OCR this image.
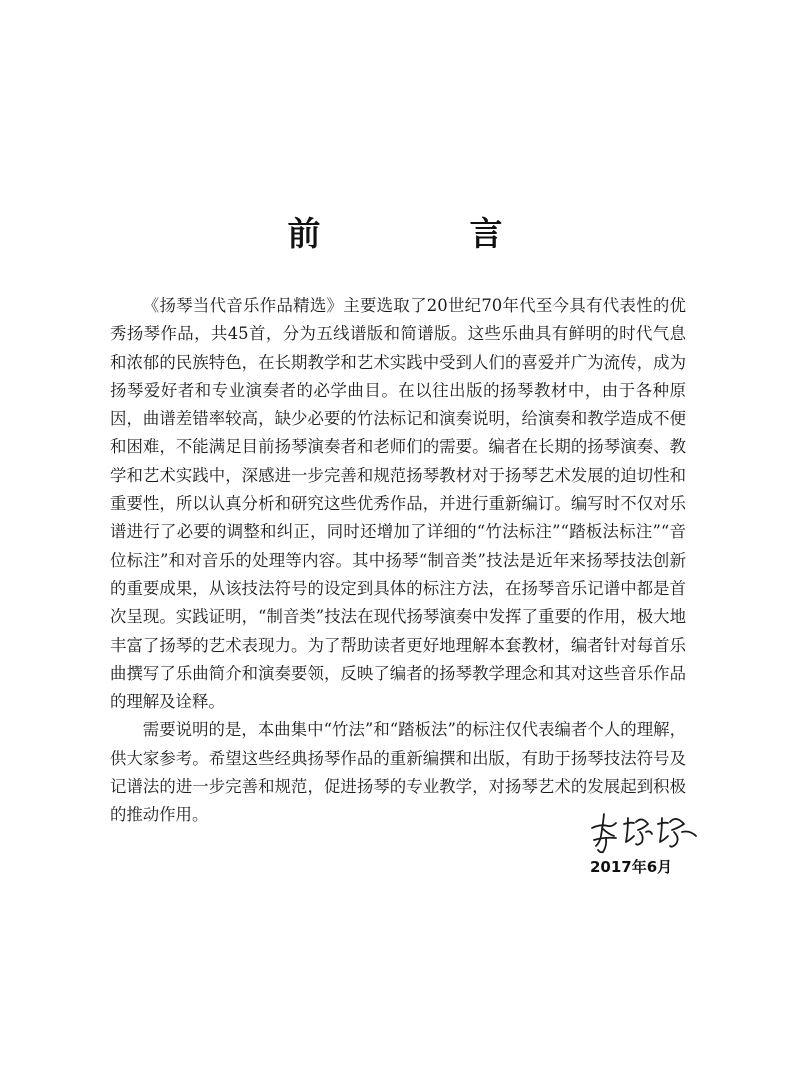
前　言

《扬琴当代音乐作品精选》主要选取了20世纪70年代至今具有代表性的优秀扬琴作品，共45首，分为五线谱版和简谱版。这些乐曲具有鲜明的时代气息和浓郁的民族特色，在长期教学和艺术实践中受到人们的喜爱并广为流传，成为扬琴爱好者和专业演奏者的必学曲目。在以往出版的扬琴教材中，由于各种原因，曲谱差错率较高，缺少必要的竹法标记和演奏说明，给演奏和教学造成不便和困难，不能满足目前扬琴演奏者和老师们的需要。编者在长期的扬琴演奏、教学和艺术实践中，深感进一步完善和规范扬琴教材对于扬琴艺术发展的迫切性和重要性，所以认真分析和研究这些优秀作品，并进行重新编订。编写时不仅对乐谱进行了必要的调整和纠正，同时还增加了详细的“竹法标注”“踏板法标注”“音位标注”和对音乐的处理等内容。其中扬琴“制音类”技法是近年来扬琴技法创新的重要成果，从该技法符号的设定到具体的标注方法，在扬琴音乐记谱中都是首次呈现。实践证明，“制音类”技法在现代扬琴演奏中发挥了重要的作用，极大地丰富了扬琴的艺术表现力。为了帮助读者更好地理解本套教材，编者针对每首乐曲撰写了乐曲简介和演奏要领，反映了编者的扬琴教学理念和其对这些音乐作品的理解及诠释。

需要说明的是，本曲集中“竹法”和“踏板法”的标注仅代表编者个人的理解，供大家参考。希望这些经典扬琴作品的重新编撰和出版，有助于扬琴技法符号及记谱法的进一步完善和规范，促进扬琴的专业教学，对扬琴艺术的发展起到积极的推动作用。

2017年6月
